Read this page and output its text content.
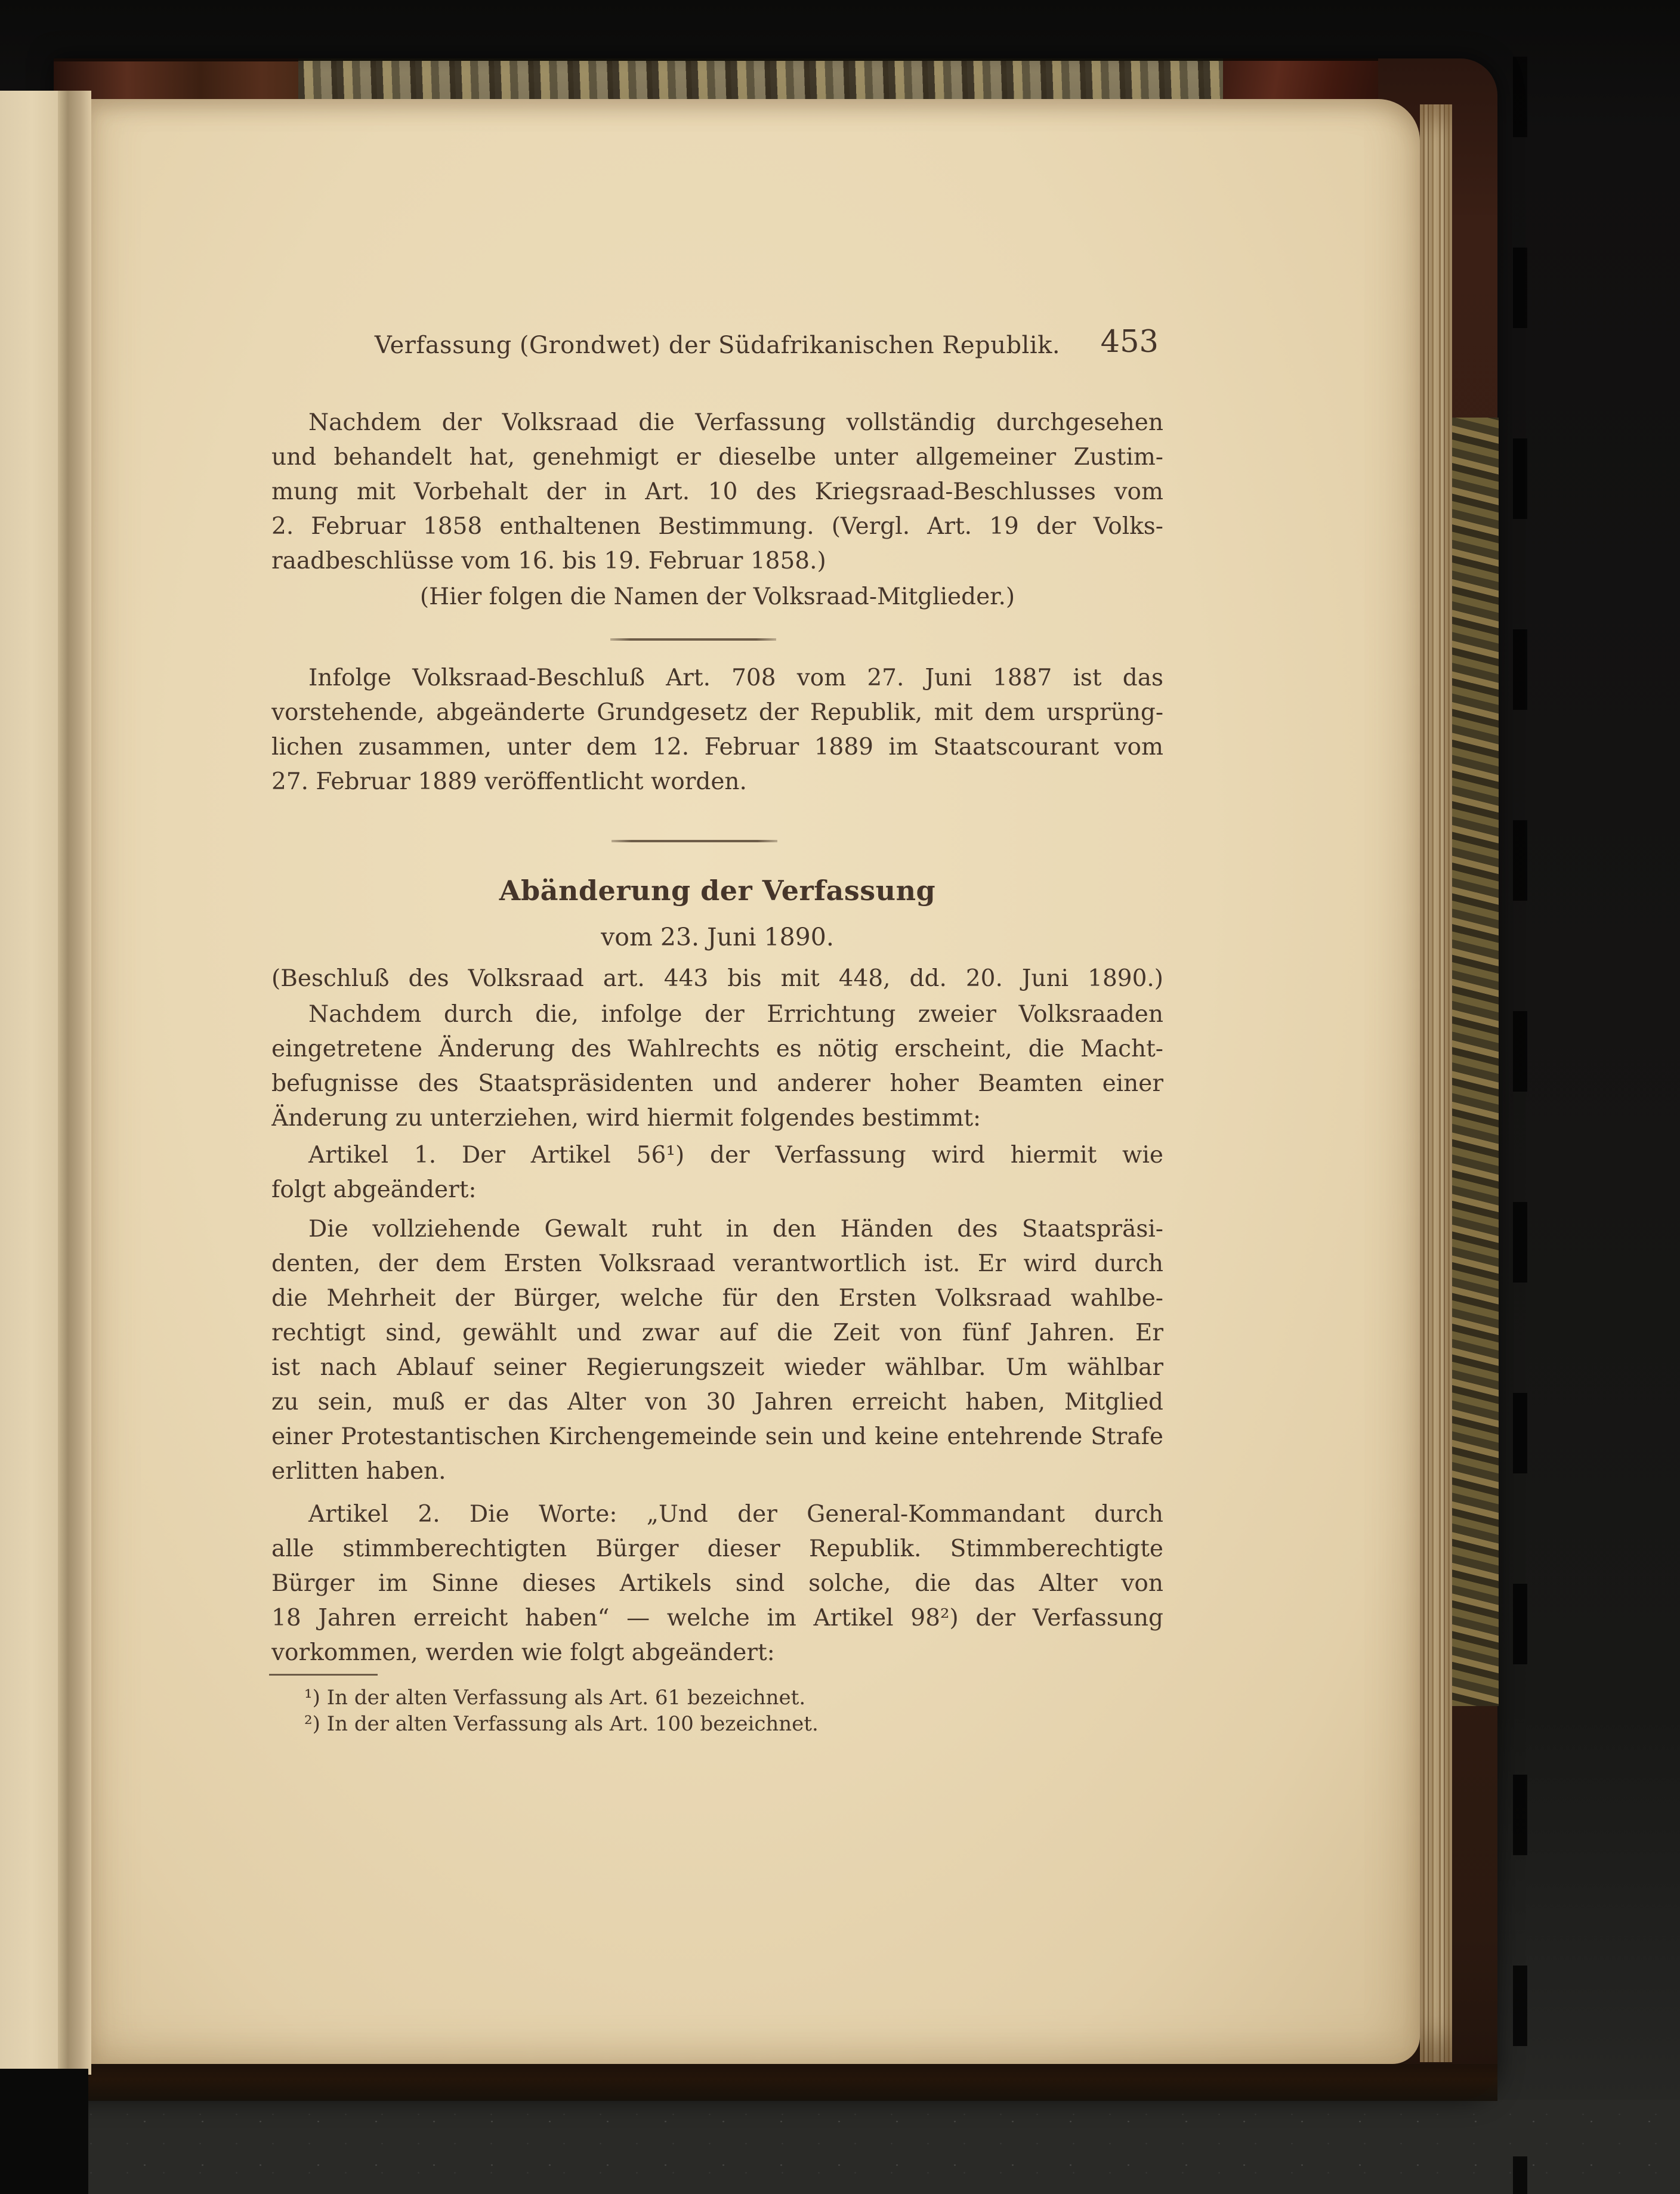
Verfassung (Grondwet) der Südafrikanischen Republik.	453
Nachdem der Volksraad die Verfassung vollständig durchgesehen
und behandelt hat, genehmigt er dieselbe unter allgemeiner Zustim-
mung mit Vorbehalt der in Art. 10 des Kriegsraad-Beschlusses vom
2. Februar 1858 enthaltenen Bestimmung. (Vergl. Art. 19 der Volks-
raadbeschlüsse vom 16. bis 19. Februar 1858.)
(Hier folgen die Namen der Volksraad-Mitglieder.)
Infolge Volksraad-Beschluß Art. 708 vom 27. Juni 1887 ist das
vorstehende, abgeänderte Grundgesetz der Republik, mit dem ursprüng-
lichen zusammen, unter dem 12. Februar 1889 im Staatscourant vom
27. Februar 1889 veröffentlicht worden.
Abänderung der Verfassung
vom 23. Juni 1890.
(Beschluß des Volksraad art. 443 bis mit 448, dd. 20. Juni 1890.)
Nachdem durch die, infolge der Errichtung zweier Volksraaden
eingetretene Änderung des Wahlrechts es nötig erscheint, die Macht-
befugnisse des Staatspräsidenten und anderer hoher Beamten einer
Änderung zu unterziehen, wird hiermit folgendes bestimmt:
Artikel 1. Der Artikel 56¹) der Verfassung wird hiermit wie
folgt abgeändert:
Die vollziehende Gewalt ruht in den Händen des Staatspräsi-
denten, der dem Ersten Volksraad verantwortlich ist. Er wird durch
die Mehrheit der Bürger, welche für den Ersten Volksraad wahlbe-
rechtigt sind, gewählt und zwar auf die Zeit von fünf Jahren. Er
ist nach Ablauf seiner Regierungszeit wieder wählbar. Um wählbar
zu sein, muß er das Alter von 30 Jahren erreicht haben, Mitglied
einer Protestantischen Kirchengemeinde sein und keine entehrende Strafe
erlitten haben.
Artikel 2. Die Worte: „Und der General-Kommandant durch
alle stimmberechtigten Bürger dieser Republik. Stimmberechtigte
Bürger im Sinne dieses Artikels sind solche, die das Alter von
18 Jahren erreicht haben“ — welche im Artikel 98²) der Verfassung
vorkommen, werden wie folgt abgeändert:
¹) In der alten Verfassung als Art. 61 bezeichnet.
²) In der alten Verfassung als Art. 100 bezeichnet.
